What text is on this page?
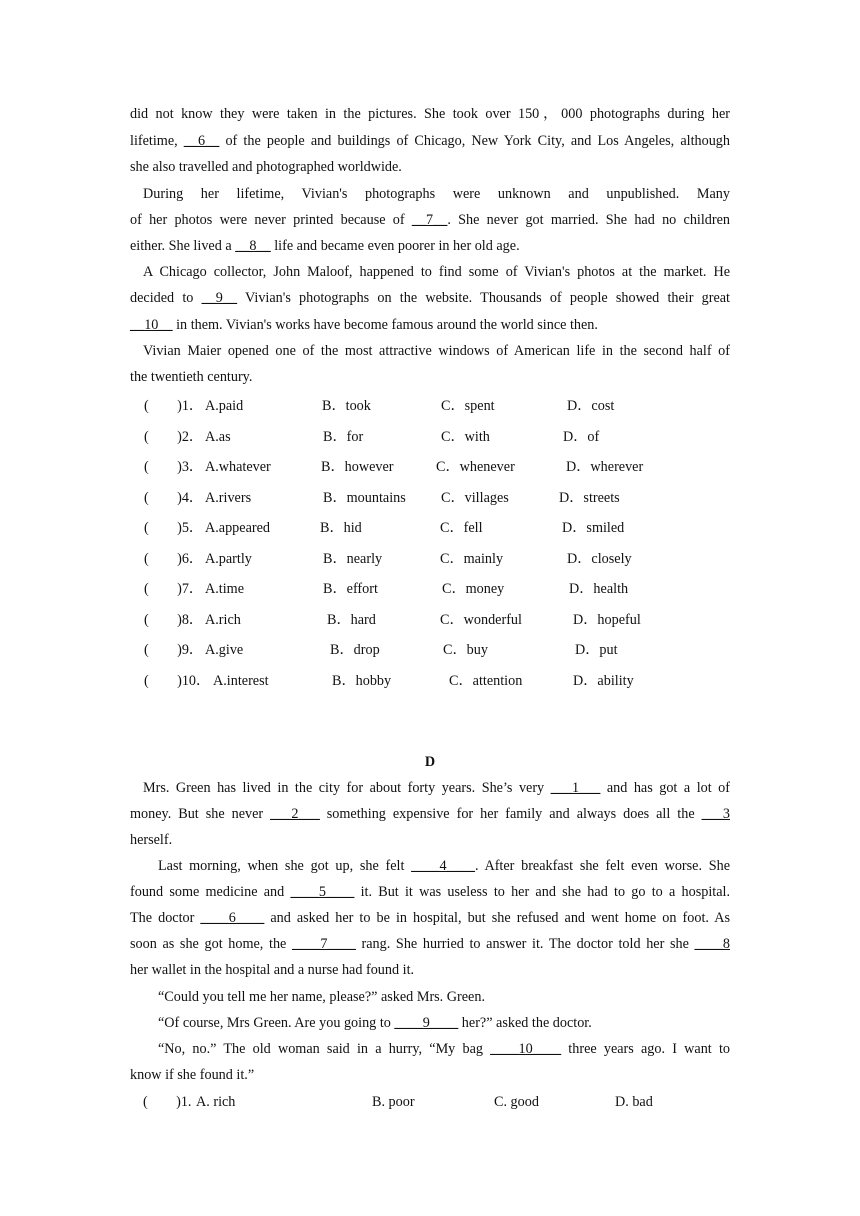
did not know they were taken in the pictures. She took over 150，000 photographs during her
lifetime, __6__ of the people and buildings of Chicago, New York City, and Los Angeles, although
she also travelled and photographed worldwide.
During her lifetime, Vivian's photographs were unknown and unpublished. Many
of her photos were never printed because of __7__. She never got married. She had no children
either. She lived a __8__ life and became even poorer in her old age.
A Chicago collector, John Maloof, happened to find some of Vivian's photos at the market. He
decided to __9__ Vivian's photographs on the website. Thousands of people showed their great
__10__ in them. Vivian's works have become famous around the world since then.
Vivian Maier opened one of the most attractive windows of American life in the second half of
the twentieth century.
(　　)1． A.paid	B．took	C．spent	D．cost
(　　)2． A.as	B．for	C．with	D．of
(　　)3． A.whatever	B．however	C．whenever	D．wherever
(　　)4． A.rivers	B．mountains C．villages	D．streets
(　　)5． A.appeared	B．hid	C．fell	D．smiled
(　　)6． A.partly	B．nearly	C．mainly	D．closely
(　　)7． A.time	B．effort	C．money	D．health
(　　)8． A.rich	B．hard	C．wonderful	D．hopeful
(　　)9． A.give	B．drop	C．buy	D．put
(　　)10． A.interest	B．hobby	C．attention	D．ability
D
Mrs. Green has lived in the city for about forty years. She’s very ___1___ and has got a lot of
money. But she never ___2___ something expensive for her family and always does all the ___3
herself.
Last morning, when she got up, she felt ____4____. After breakfast she felt even worse. She
found some medicine and ____5____ it. But it was useless to her and she had to go to a hospital.
The doctor ____6____ and asked her to be in hospital, but she refused and went home on foot. As
soon as she got home, the ____7____ rang. She hurried to answer it. The doctor told her she ____8
her wallet in the hospital and a nurse had found it.
“Could you tell me her name, please?” asked Mrs. Green.
“Of course, Mrs Green. Are you going to ____9____ her?” asked the doctor.
“No, no.” The old woman said in a hurry, “My bag ____10____ three years ago. I want to
know if she found it.”
(　　)1. A. rich	B. poor	C. good	D. bad
